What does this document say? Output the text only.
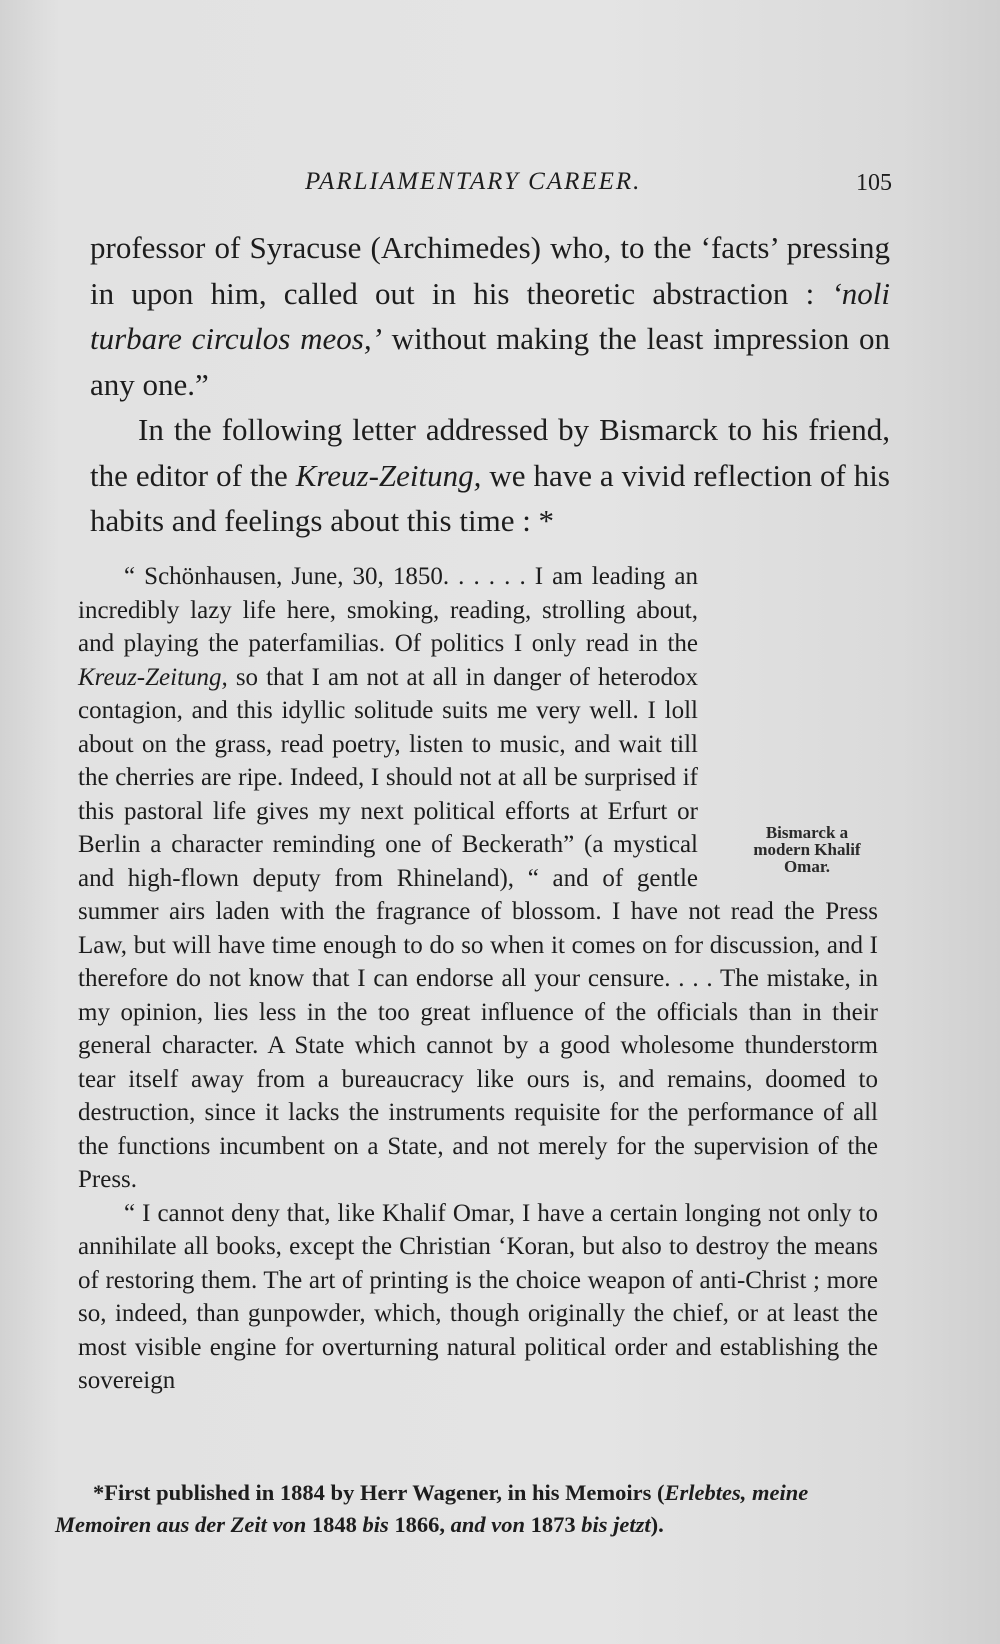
PARLIAMENTARY CAREER.	105

professor of Syracuse (Archimedes) who, to the ‘facts’ pressing in upon him, called out in his theoretic abstraction : ‘noli turbare circulos meos,’ without making the least impression on any one.”

In the following letter addressed by Bismarck to his friend, the editor of the Kreuz-Zeitung, we have a vivid reflection of his habits and feelings about this time : *

“ Schönhausen, June, 30, 1850. . . . . . I am leading an incredibly lazy life here, smoking, reading, strolling about, and playing the paterfamilias. Of politics I only read in the Kreuz-Zeitung, so that I am not at all in danger of heterodox contagion, and this idyllic solitude suits me very well. I loll about on the grass, read poetry, listen to music, and wait till the cherries are ripe. Indeed, I should not at all be surprised if this pastoral life gives my next political efforts at Erfurt or Berlin a character reminding one of Beckerath” (a mystical and high-flown deputy from Rhineland), “ and of gentle summer airs laden with the fragrance of blossom. I have not read the Press Law, but will have time enough to do so when it comes on for discussion, and I therefore do not know that I can endorse all your censure. . . . The mistake, in my opinion, lies less in the too great influence of the officials than in their general character. A State which cannot by a good wholesome thunderstorm tear itself away from a bureaucracy like ours is, and remains, doomed to destruction, since it lacks the instruments requisite for the performance of all the functions incumbent on a State, and not merely for the supervision of the Press.

“ I cannot deny that, like Khalif Omar, I have a certain longing not only to annihilate all books, except the Christian ‘Koran, but also to destroy the means of restoring them. The art of printing is the choice weapon of anti-Christ ; more so, indeed, than gunpowder, which, though originally the chief, or at least the most visible engine for overturning natural political order and establishing the sovereign

Bismarck a
modern Khalif
Omar.

*First published in 1884 by Herr Wagener, in his Memoirs (Erlebtes, meine Memoiren aus der Zeit von 1848 bis 1866, and von 1873 bis jetzt).
